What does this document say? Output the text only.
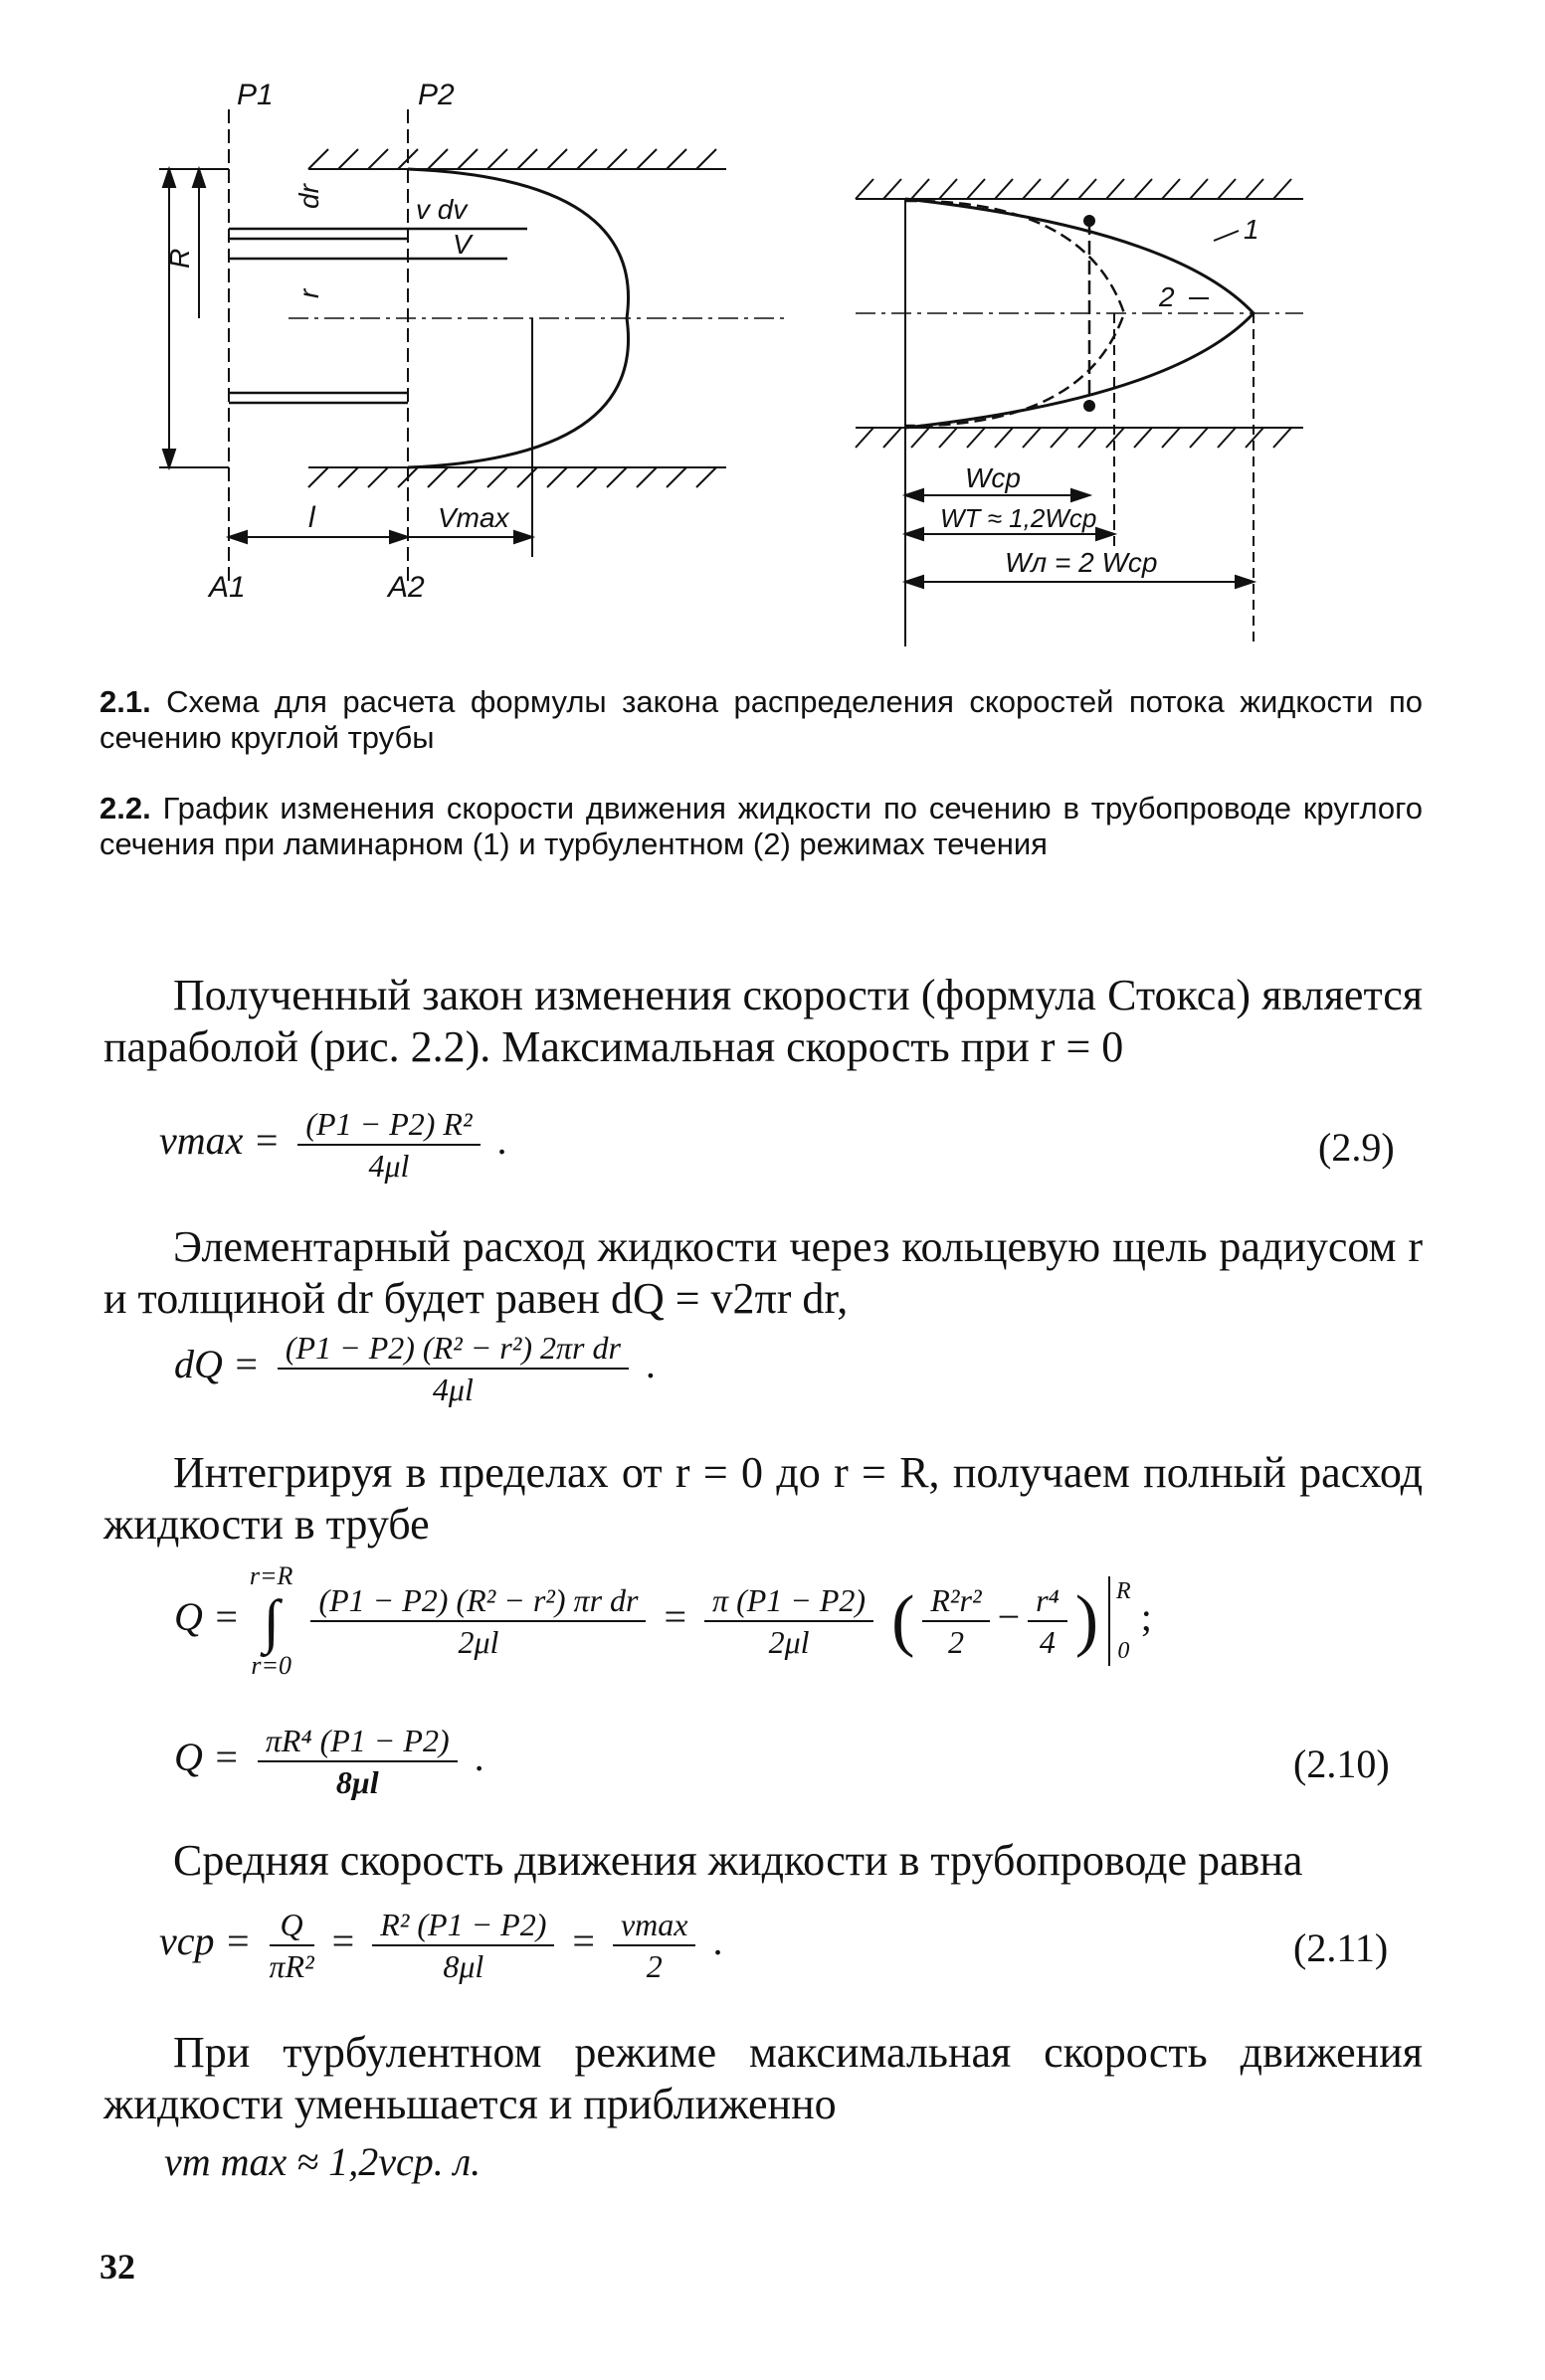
P1	P2
dr
r
R
v dv
V
l	Vmax
A1	A2
1
2
Wcp
WT ≈ 1,2Wcp
Wл = 2 Wcp
2.1. Схема для расчета формулы закона распределения скоростей потока жидкости по сечению круглой трубы
2.2. График изменения скорости движения жидкости по сечению в трубопроводе круглого сечения при ламинарном (1) и турбулентном (2) режимах течения
Полученный закон изменения скорости (формула Стокса) является параболой (рис. 2.2). Максимальная скорость при r = 0
$vmax = \frac{\text{(P1 − P2) R²}}{4\mu l}$ .	(2.9)
Элементарный расход жидкости через кольцевую щель радиусом r и толщиной dr будет равен dQ = v2πr dr,
dQ = $\frac{\text{(P1 − P2) (R² − r²) 2πr dr}}{4\mu l}$ .
Интегрируя в пределах от r = 0 до r = R, получаем полный расход жидкости в трубе
Q =
r=R
∫
r=0

$\frac{\text{(P1 − P2) (R² − r²) πr dr}}{2\mu l} = \frac{\pi (P1 - P2)}{2\mu l}$ ( $\frac{\text{R²r²}}{2} - \frac{\text{r⁴}}{4}$ ) R

0
;
$Q = \frac{\text{πR⁴ (P1 − P2)}}{8\mu l}$ .	(2.10)
Средняя скорость движения жидкости в трубопроводе равна
vср = $\frac{Q}{\text{πR²}} = \frac{\text{R² (P1 − P2)}}{8\mu l} = \frac{vmax}{2}$ .	(2.11)
При турбулентном режиме максимальная скорость движения жидкости уменьшается и приближенно
vт max ≈ 1,2vср. л.
32
